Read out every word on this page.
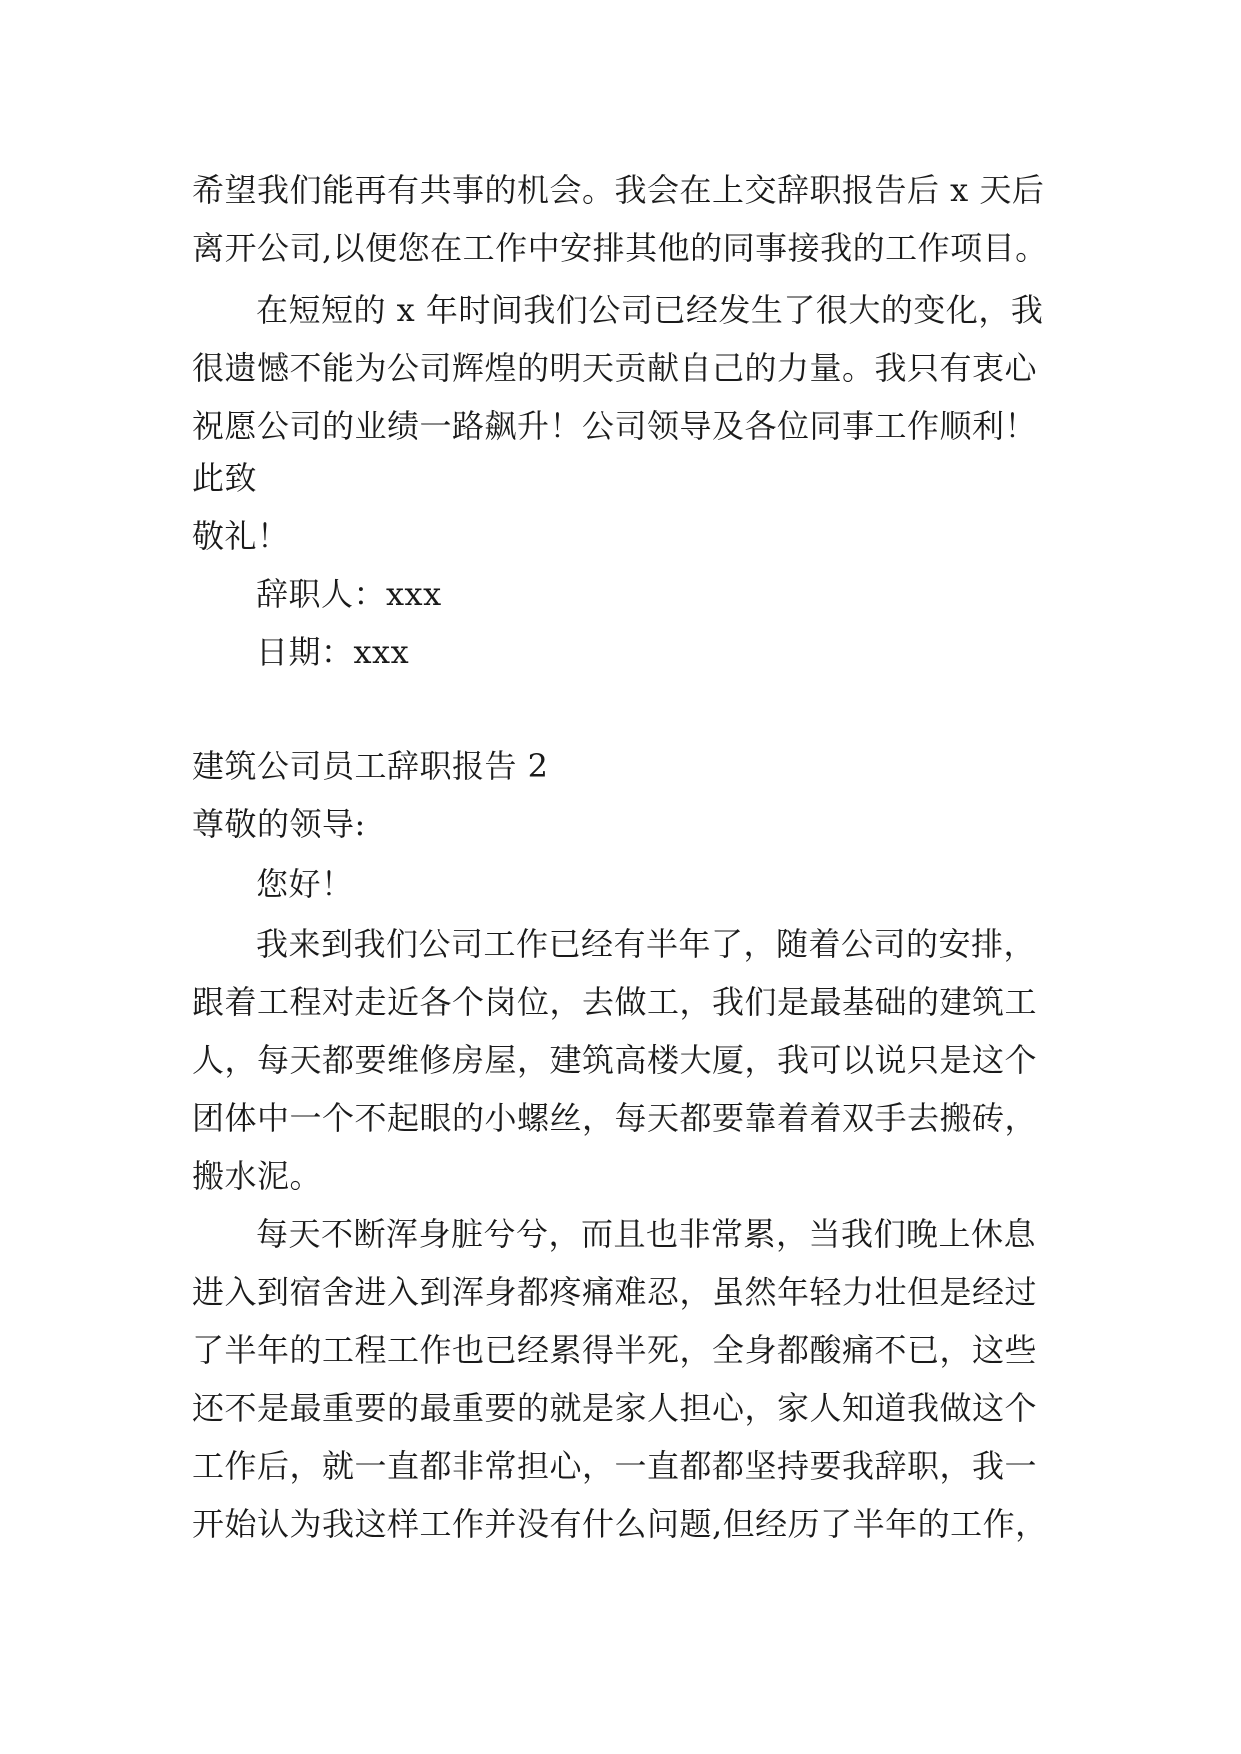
希望我们能再有共事的机会。我会在上交辞职报告后 x 天后
离开公司,以便您在工作中安排其他的同事接我的工作项目。
在短短的 x 年时间我们公司已经发生了很大的变化，我
很遗憾不能为公司辉煌的明天贡献自己的力量。我只有衷心
祝愿公司的业绩一路飙升！公司领导及各位同事工作顺利！
此致
敬礼！
辞职人：xxx
日期：xxx
建筑公司员工辞职报告 2
尊敬的领导:
您好！
我来到我们公司工作已经有半年了，随着公司的安排，
跟着工程对走近各个岗位，去做工，我们是最基础的建筑工
人，每天都要维修房屋，建筑高楼大厦，我可以说只是这个
团体中一个不起眼的小螺丝，每天都要靠着着双手去搬砖，
搬水泥。
每天不断浑身脏兮兮，而且也非常累，当我们晚上休息
进入到宿舍进入到浑身都疼痛难忍，虽然年轻力壮但是经过
了半年的工程工作也已经累得半死，全身都酸痛不已，这些
还不是最重要的最重要的就是家人担心，家人知道我做这个
工作后，就一直都非常担心，一直都都坚持要我辞职，我一
开始认为我这样工作并没有什么问题,但经历了半年的工作，
